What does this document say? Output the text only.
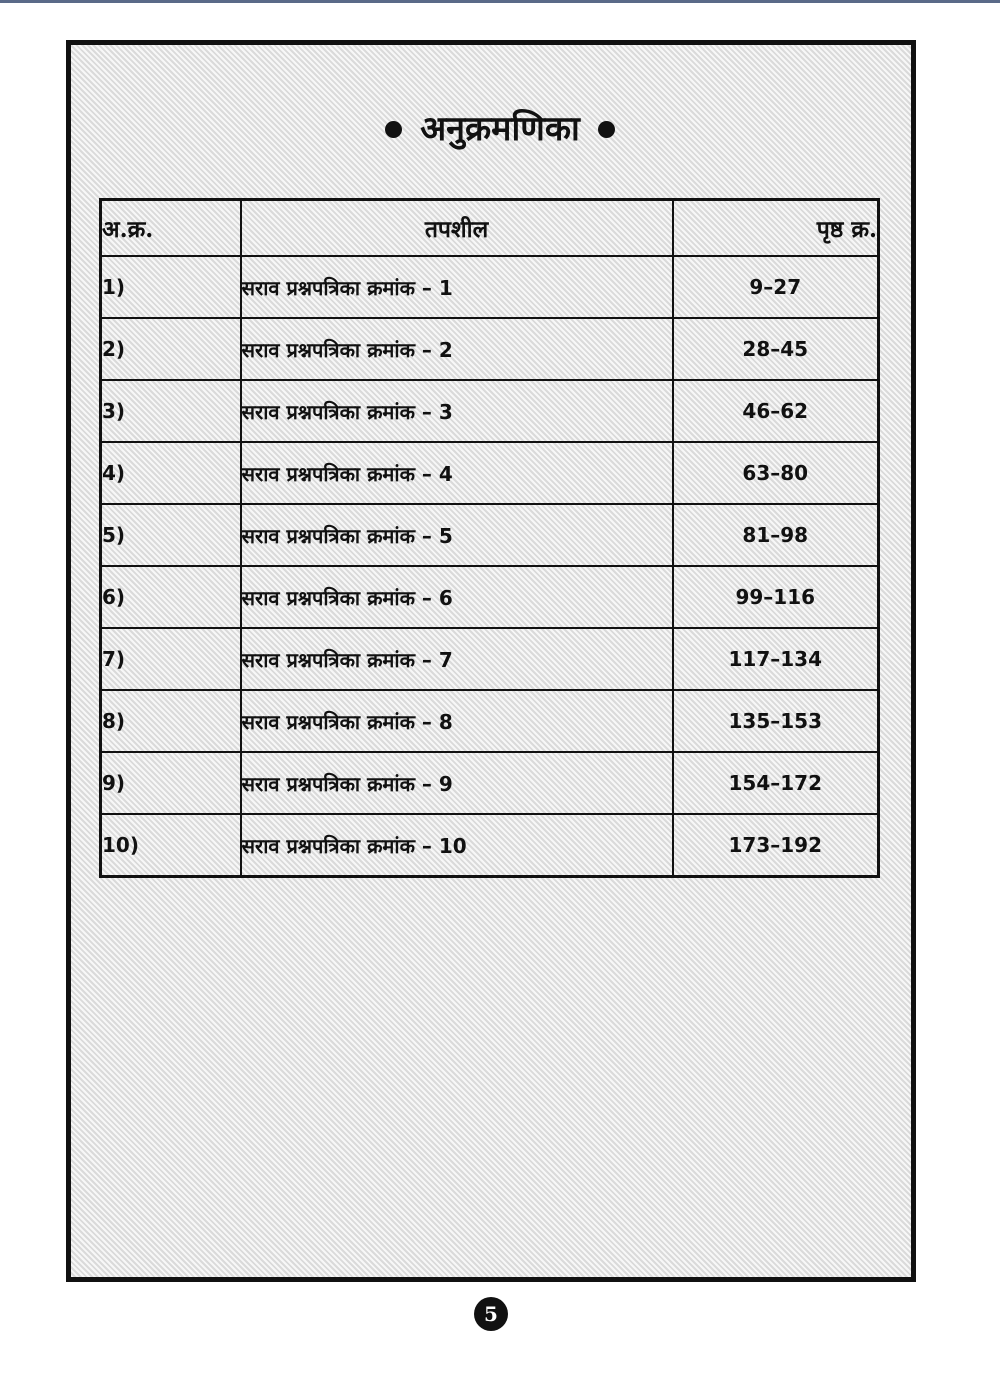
अनुक्रमणिका
अ.क्र.	तपशील	पृष्ठ क्र.
1)	सराव प्रश्नपत्रिका क्रमांक – 1	9–27
2)	सराव प्रश्नपत्रिका क्रमांक – 2	28–45
3)	सराव प्रश्नपत्रिका क्रमांक – 3	46–62
4)	सराव प्रश्नपत्रिका क्रमांक – 4	63–80
5)	सराव प्रश्नपत्रिका क्रमांक – 5	81–98
6)	सराव प्रश्नपत्रिका क्रमांक – 6	99–116
7)	सराव प्रश्नपत्रिका क्रमांक – 7	117–134
8)	सराव प्रश्नपत्रिका क्रमांक – 8	135–153
9)	सराव प्रश्नपत्रिका क्रमांक – 9	154–172
10)	सराव प्रश्नपत्रिका क्रमांक – 10	173–192
5
